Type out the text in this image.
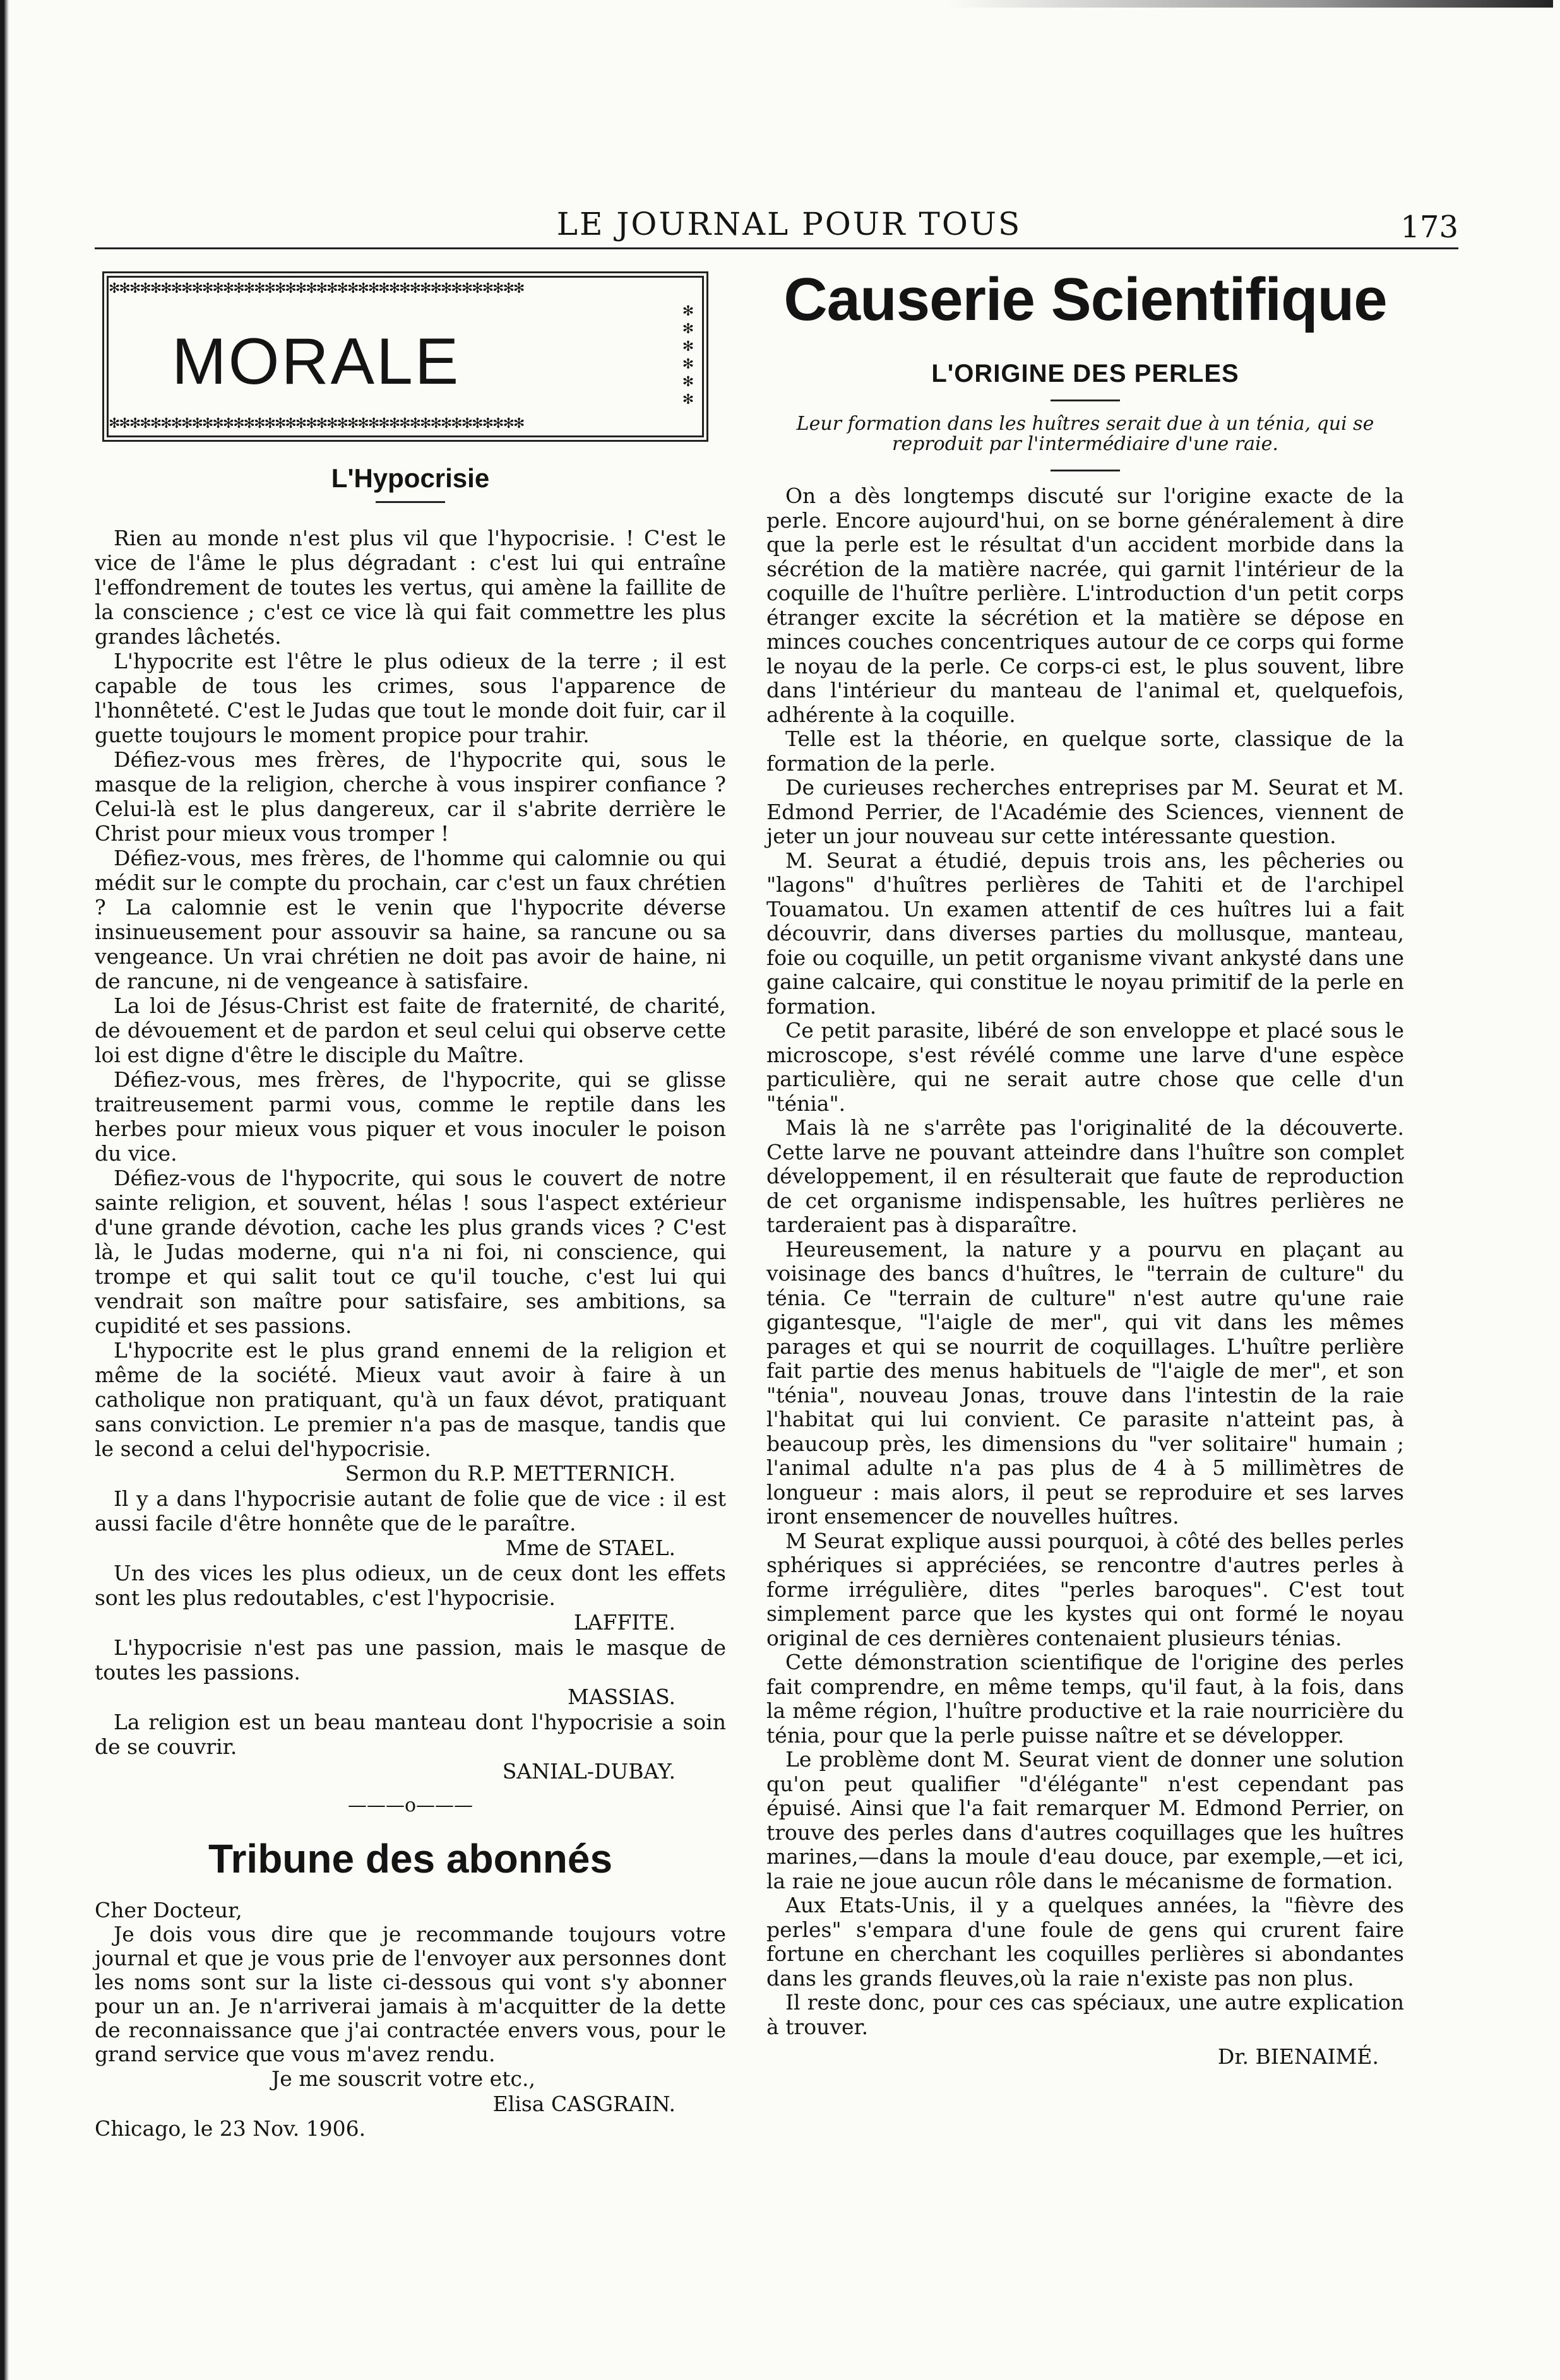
LE JOURNAL POUR TOUS	173
✻✻✻✻✻✻✻✻✻✻✻✻✻✻✻✻✻✻✻✻✻✻✻✻✻✻✻✻✻✻✻✻✻✻✻✻✻✻✻✻
MORALE
✻
✻
✻
✻
✻
✻
✻✻✻✻✻✻✻✻✻✻✻✻✻✻✻✻✻✻✻✻✻✻✻✻✻✻✻✻✻✻✻✻✻✻✻✻✻✻✻✻
L'Hypocrisie

Rien au monde n'est plus vil que l'hypocrisie. ! C'est le vice de l'âme le plus dégradant : c'est lui qui entraîne l'effondrement de toutes les vertus, qui amène la faillite de la conscience ; c'est ce vice là qui fait commettre les plus grandes lâchetés.

L'hypocrite est l'être le plus odieux de la terre ; il est capable de tous les crimes, sous l'apparence de l'honnêteté. C'est le Judas que tout le monde doit fuir, car il guette toujours le moment propice pour trahir.

Défiez-vous mes frères, de l'hypocrite qui, sous le masque de la religion, cherche à vous inspirer confiance ? Celui-là est le plus dangereux, car il s'abrite derrière le Christ pour mieux vous tromper !

Défiez-vous, mes frères, de l'homme qui calomnie ou qui médit sur le compte du prochain, car c'est un faux chrétien ? La calomnie est le venin que l'hypocrite déverse insinueusement pour assouvir sa haine, sa rancune ou sa vengeance. Un vrai chrétien ne doit pas avoir de haine, ni de rancune, ni de vengeance à satisfaire.

La loi de Jésus-Christ est faite de fraternité, de charité, de dévouement et de pardon et seul celui qui observe cette loi est digne d'être le disciple du Maître.

Défiez-vous, mes frères, de l'hypocrite, qui se glisse traitreusement parmi vous, comme le reptile dans les herbes pour mieux vous piquer et vous inoculer le poison du vice.

Défiez-vous de l'hypocrite, qui sous le couvert de notre sainte religion, et souvent, hélas ! sous l'aspect extérieur d'une grande dévotion, cache les plus grands vices ? C'est là, le Judas moderne, qui n'a ni foi, ni conscience, qui trompe et qui salit tout ce qu'il touche, c'est lui qui vendrait son maître pour satisfaire, ses ambitions, sa cupidité et ses passions.

L'hypocrite est le plus grand ennemi de la religion et même de la société. Mieux vaut avoir à faire à un catholique non pratiquant, qu'à un faux dévot, pratiquant sans conviction. Le premier n'a pas de masque, tandis que le second a celui del'hypocrisie.

Sermon du R.P. METTERNICH.

Il y a dans l'hypocrisie autant de folie que de vice : il est aussi facile d'être honnête que de le paraître.

Mme de STAEL.

Un des vices les plus odieux, un de ceux dont les effets sont les plus redoutables, c'est l'hypocrisie.

LAFFITE.

L'hypocrisie n'est pas une passion, mais le masque de toutes les passions.

MASSIAS.

La religion est un beau manteau dont l'hypocrisie a soin de se couvrir.

SANIAL-DUBAY.
———o———
Tribune des abonnés

Cher Docteur,

Je dois vous dire que je recommande toujours votre journal et que je vous prie de l'envoyer aux personnes dont les noms sont sur la liste ci-dessous qui vont s'y abonner pour un an. Je n'arriverai jamais à m'acquitter de la dette de reconnaissance que j'ai contractée envers vous, pour le grand service que vous m'avez rendu.

Je me souscrit votre etc.,
Elisa CASGRAIN.

Chicago, le 23 Nov. 1906.

Causerie Scientifique
L'ORIGINE DES PERLES
Leur formation dans les huîtres serait due à un ténia, qui se reproduit par l'intermédiaire d'une raie.

On a dès longtemps discuté sur l'origine exacte de la perle. Encore aujourd'hui, on se borne généralement à dire que la perle est le résultat d'un accident morbide dans la sécrétion de la matière nacrée, qui garnit l'intérieur de la coquille de l'huître perlière. L'introduction d'un petit corps étranger excite la sécrétion et la matière se dépose en minces couches concentriques autour de ce corps qui forme le noyau de la perle. Ce corps-ci est, le plus souvent, libre dans l'intérieur du manteau de l'animal et, quelquefois, adhérente à la coquille.

Telle est la théorie, en quelque sorte, classique de la formation de la perle.

De curieuses recherches entreprises par M. Seurat et M. Edmond Perrier, de l'Académie des Sciences, viennent de jeter un jour nouveau sur cette intéressante question.

M. Seurat a étudié, depuis trois ans, les pêcheries ou "lagons" d'huîtres perlières de Tahiti et de l'archipel Touamatou. Un examen attentif de ces huîtres lui a fait découvrir, dans diverses parties du mollusque, manteau, foie ou coquille, un petit organisme vivant ankysté dans une gaine calcaire, qui constitue le noyau primitif de la perle en formation.

Ce petit parasite, libéré de son enveloppe et placé sous le microscope, s'est révélé comme une larve d'une espèce particulière, qui ne serait autre chose que celle d'un "ténia".

Mais là ne s'arrête pas l'originalité de la découverte. Cette larve ne pouvant atteindre dans l'huître son complet développement, il en résulterait que faute de reproduction de cet organisme indispensable, les huîtres perlières ne tarderaient pas à disparaître.

Heureusement, la nature y a pourvu en plaçant au voisinage des bancs d'huîtres, le "terrain de culture" du ténia. Ce "terrain de culture" n'est autre qu'une raie gigantesque, "l'aigle de mer", qui vit dans les mêmes parages et qui se nourrit de coquillages. L'huître perlière fait partie des menus habituels de "l'aigle de mer", et son "ténia", nouveau Jonas, trouve dans l'intestin de la raie l'habitat qui lui convient. Ce parasite n'atteint pas, à beaucoup près, les dimensions du "ver solitaire" humain ; l'animal adulte n'a pas plus de 4 à 5 millimètres de longueur : mais alors, il peut se reproduire et ses larves iront ensemencer de nouvelles huîtres.

M Seurat explique aussi pourquoi, à côté des belles perles sphériques si appréciées, se rencontre d'autres perles à forme irrégulière, dites "perles baroques". C'est tout simplement parce que les kystes qui ont formé le noyau original de ces dernières contenaient plusieurs ténias.

Cette démonstration scientifique de l'origine des perles fait comprendre, en même temps, qu'il faut, à la fois, dans la même région, l'huître productive et la raie nourricière du ténia, pour que la perle puisse naître et se développer.

Le problème dont M. Seurat vient de donner une solution qu'on peut qualifier "d'élégante" n'est cependant pas épuisé. Ainsi que l'a fait remarquer M. Edmond Perrier, on trouve des perles dans d'autres coquillages que les huîtres marines,—dans la moule d'eau douce, par exemple,—et ici, la raie ne joue aucun rôle dans le mécanisme de formation.

Aux Etats-Unis, il y a quelques années, la "fièvre des perles" s'empara d'une foule de gens qui crurent faire fortune en cherchant les coquilles perlières si abondantes dans les grands fleuves,où la raie n'existe pas non plus.

Il reste donc, pour ces cas spéciaux, une autre explication à trouver.

Dr. BIENAIMÉ.
